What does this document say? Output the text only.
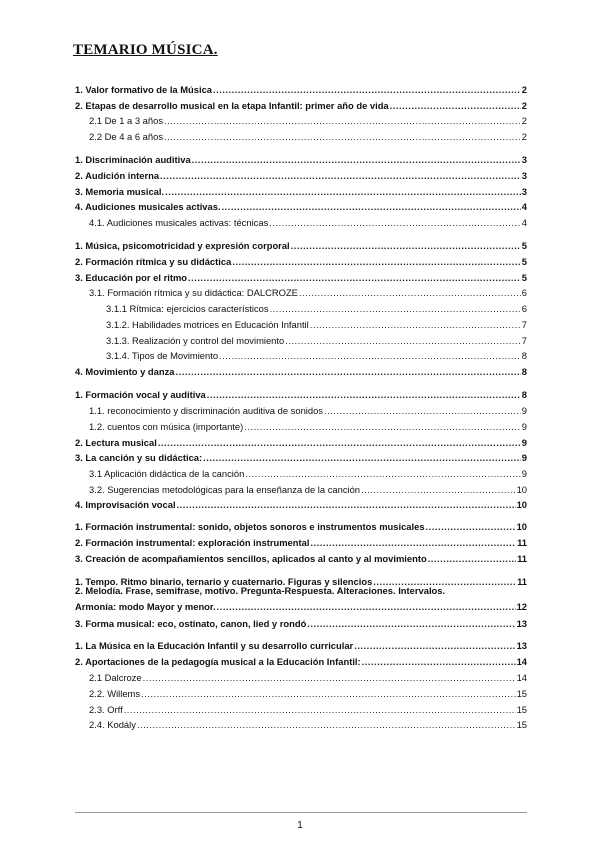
TEMARIO MÚSICA.
1. Valor formativo de la Música .....	2
2. Etapas de desarrollo musical en la etapa Infantil: primer año de vida .....	2
2.1 De 1 a 3 años .....	2
2.2 De 4 a 6 años .....	2
1. Discriminación auditiva .....	3
2. Audición interna .....	3
3. Memoria musical. .....	3
4. Audiciones musicales activas. .....	4
4.1. Audiciones musicales activas: técnicas .....	4
1. Música, psicomotricidad y expresión corporal .....	5
2. Formación rítmica y su didáctica .....	5
3. Educación por el ritmo .....	5
3.1. Formación rítmica y su didáctica: DALCROZE .....	6
3.1.1 Rítmica: ejercicios característicos .....	6
3.1.2. Habilidades motrices en Educación Infantil .....	7
3.1.3. Realización y control del movimiento .....	7
3.1.4. Tipos de Movimiento .....	8
4. Movimiento y danza .....	8
1. Formación vocal y auditiva .....	8
1.1. reconocimiento y discriminación auditiva de sonidos .....	9
1.2. cuentos con música (importante) .....	9
2. Lectura musical .....	9
3. La canción y su didáctica: .....	9
3.1 Aplicación didáctica de la canción .....	9
3.2. Sugerencias metodológicas para la enseñanza de la canción .....	10
4. Improvisación vocal .....	10
1. Formación instrumental: sonido, objetos sonoros e instrumentos musicales .....	10
2. Formación instrumental: exploración instrumental .....	11
3. Creación de acompañamientos sencillos, aplicados al canto y al movimiento .....	11
1. Tempo. Ritmo binario, ternario y cuaternario. Figuras y silencios .....	11
2. Melodía. Frase, semifrase, motivo. Pregunta-Respuesta. Alteraciones. Intervalos.
Armonía: modo Mayor y menor. .....	12
3. Forma musical: eco, ostinato, canon, lied y rondó .....	13
1. La Música en la Educación Infantil y su desarrollo curricular .....	13
2. Aportaciones de la pedagogía musical a la Educación Infantil: .....	14
2.1 Dalcroze .....	14
2.2. Willems .....	15
2.3. Orff .....	15
2.4. Kodály .....	15
1
